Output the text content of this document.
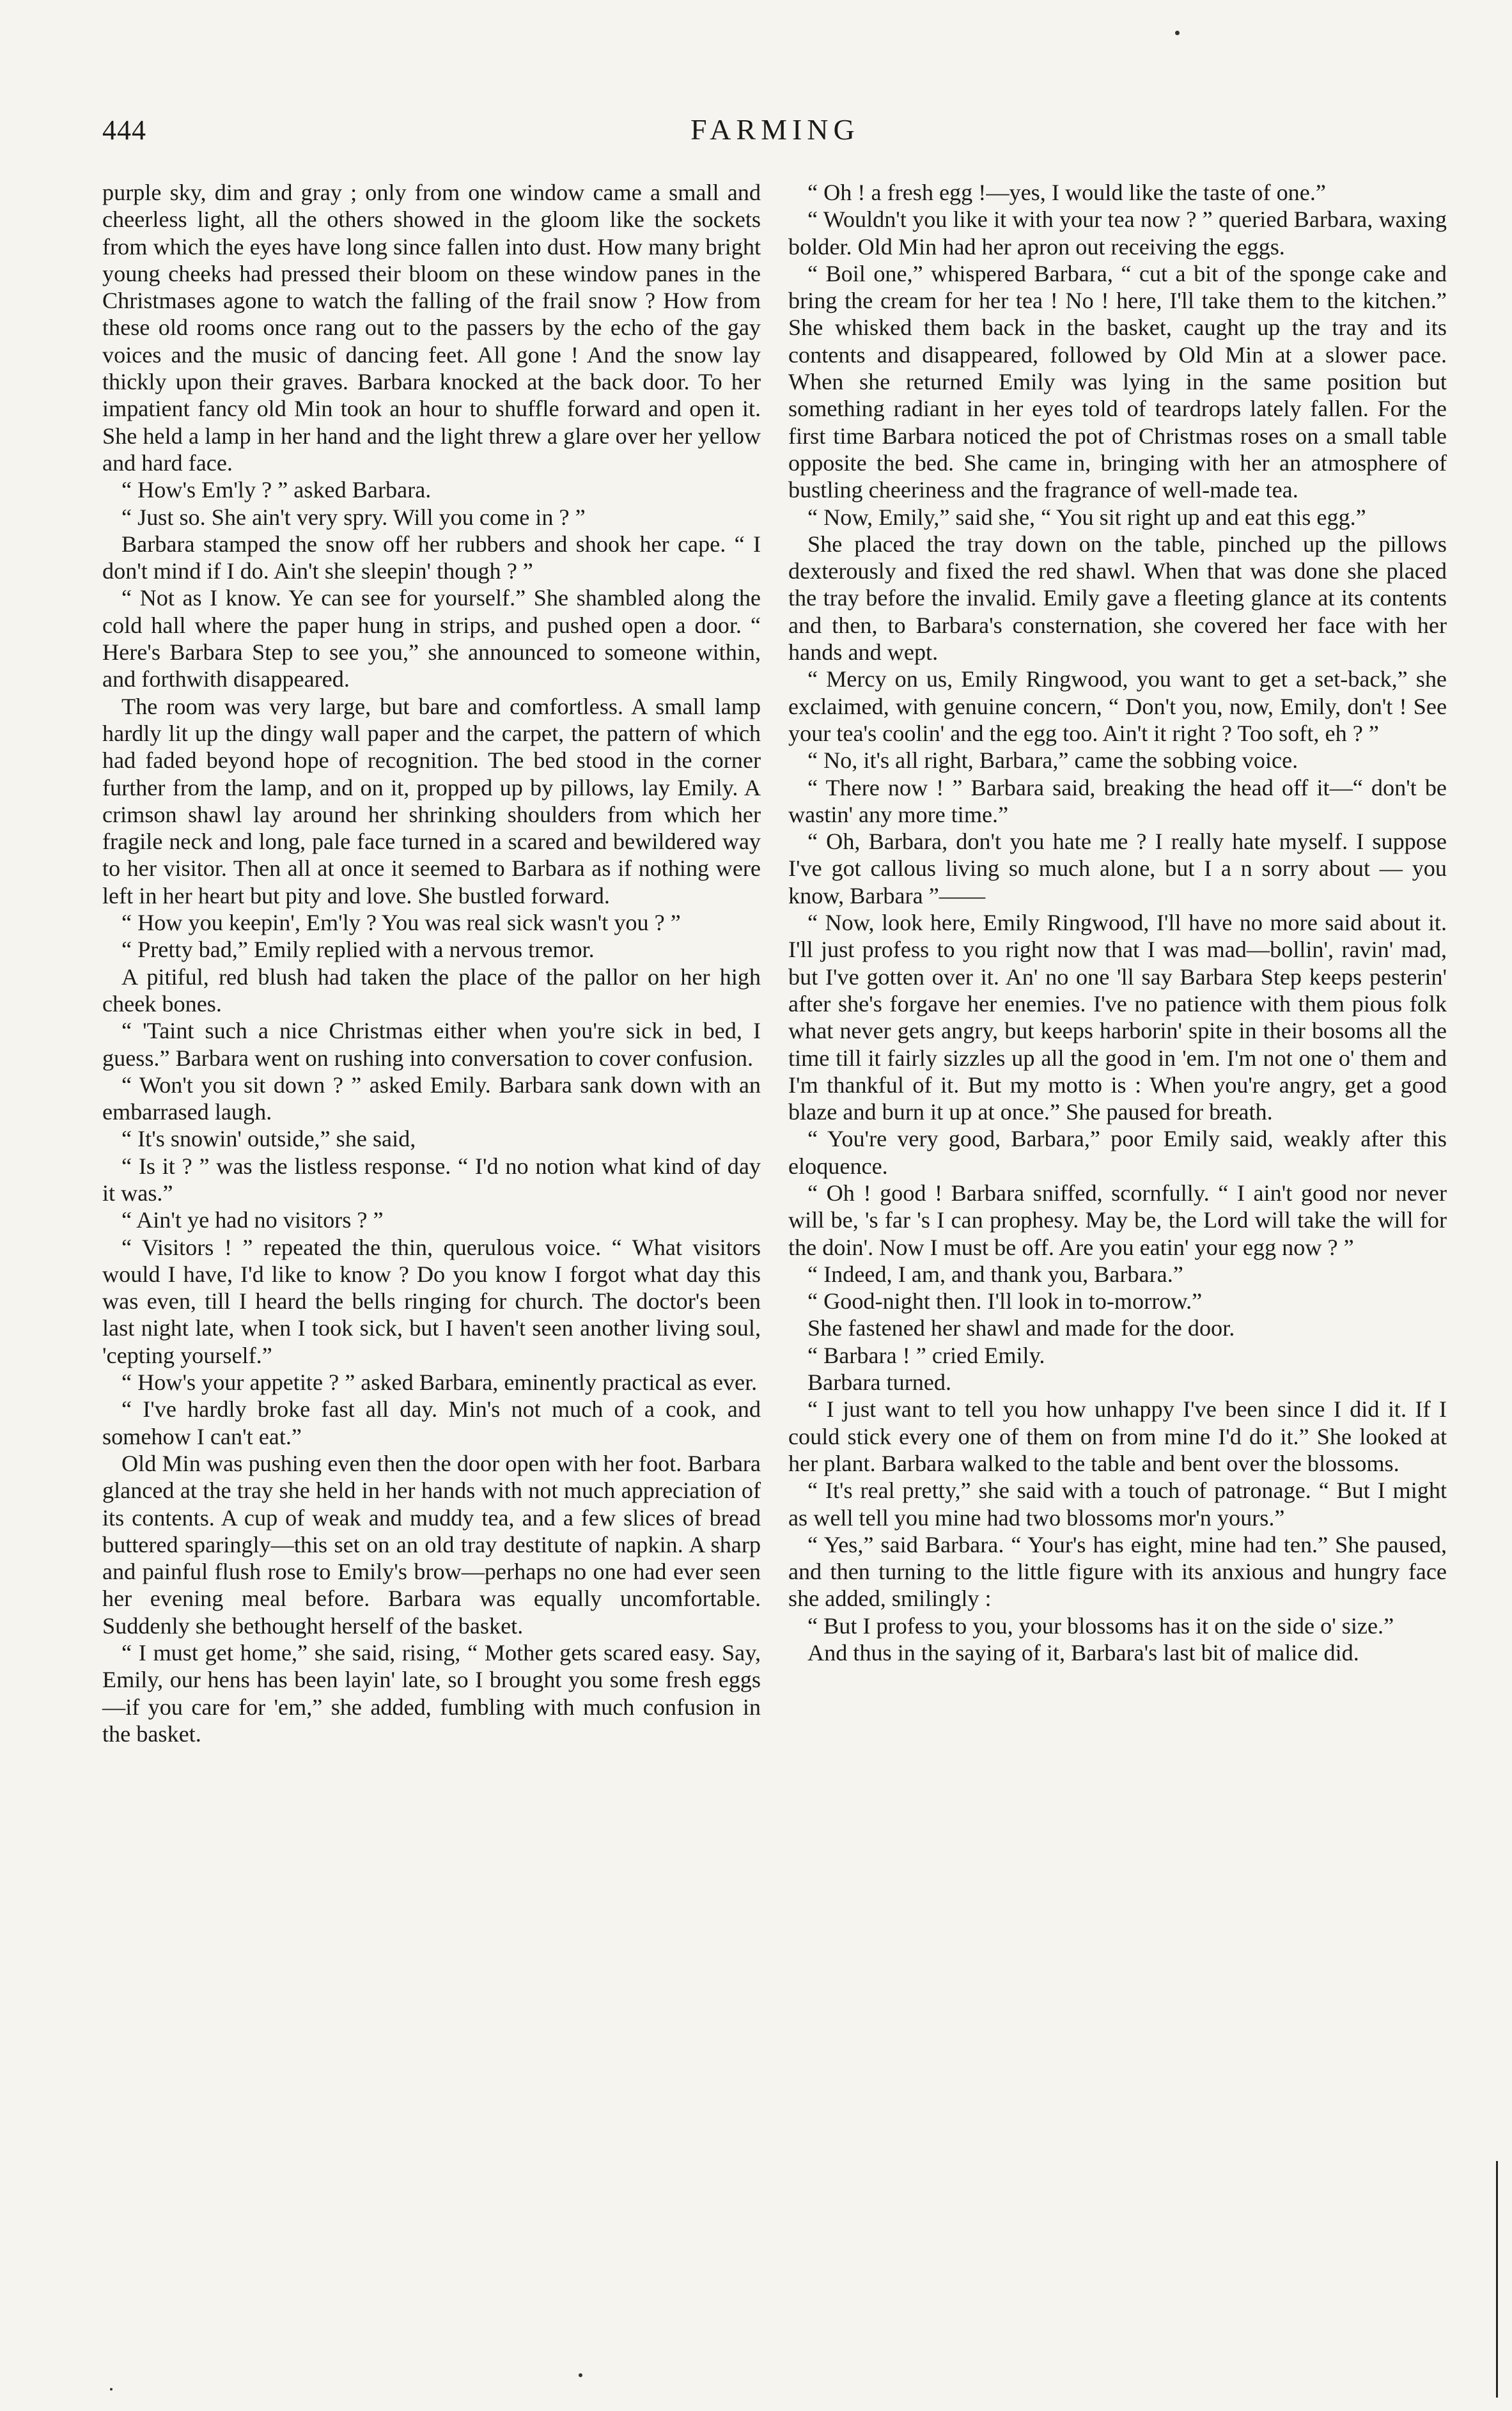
444	FARMING

purple sky, dim and gray ; only from one window came a small and cheerless light, all the others showed in the gloom like the sockets from which the eyes have long since fallen into dust. How many bright young cheeks had pressed their bloom on these window panes in the Christmases agone to watch the falling of the frail snow ? How from these old rooms once rang out to the passers by the echo of the gay voices and the music of dancing feet. All gone ! And the snow lay thickly upon their graves. Barbara knocked at the back door. To her impatient fancy old Min took an hour to shuffle forward and open it. She held a lamp in her hand and the light threw a glare over her yellow and hard face.

“ How's Em'ly ? ” asked Barbara.

“ Just so. She ain't very spry. Will you come in ? ”

Barbara stamped the snow off her rubbers and shook her cape. “ I don't mind if I do. Ain't she sleepin' though ? ”

“ Not as I know. Ye can see for yourself.” She shambled along the cold hall where the paper hung in strips, and pushed open a door. “ Here's Barbara Step to see you,” she announced to someone within, and forthwith disappeared.

The room was very large, but bare and comfortless. A small lamp hardly lit up the dingy wall paper and the carpet, the pattern of which had faded beyond hope of recognition. The bed stood in the corner further from the lamp, and on it, propped up by pillows, lay Emily. A crimson shawl lay around her shrinking shoulders from which her fragile neck and long, pale face turned in a scared and bewildered way to her visitor. Then all at once it seemed to Barbara as if nothing were left in her heart but pity and love. She bustled forward.

“ How you keepin', Em'ly ? You was real sick wasn't you ? ”

“ Pretty bad,” Emily replied with a nervous tremor.

A pitiful, red blush had taken the place of the pallor on her high cheek bones.

“ 'Taint such a nice Christmas either when you're sick in bed, I guess.” Barbara went on rushing into conversation to cover confusion.

“ Won't you sit down ? ” asked Emily. Barbara sank down with an embarrased laugh.

“ It's snowin' outside,” she said,

“ Is it ? ” was the listless response. “ I'd no notion what kind of day it was.”

“ Ain't ye had no visitors ? ”

“ Visitors ! ” repeated the thin, querulous voice. “ What visitors would I have, I'd like to know ? Do you know I forgot what day this was even, till I heard the bells ringing for church. The doctor's been last night late, when I took sick, but I haven't seen another living soul, 'cepting yourself.”

“ How's your appetite ? ” asked Barbara, eminently practical as ever.

“ I've hardly broke fast all day. Min's not much of a cook, and somehow I can't eat.”

Old Min was pushing even then the door open with her foot. Barbara glanced at the tray she held in her hands with not much appreciation of its contents. A cup of weak and muddy tea, and a few slices of bread buttered sparingly—this set on an old tray destitute of napkin. A sharp and painful flush rose to Emily's brow—perhaps no one had ever seen her evening meal before. Barbara was equally uncomfortable. Suddenly she bethought herself of the basket.

“ I must get home,” she said, rising, “ Mother gets scared easy. Say, Emily, our hens has been layin' late, so I brought you some fresh eggs—if you care for 'em,” she added, fumbling with much confusion in the basket.

“ Oh ! a fresh egg !—yes, I would like the taste of one.”

“ Wouldn't you like it with your tea now ? ” queried Barbara, waxing bolder. Old Min had her apron out receiving the eggs.

“ Boil one,” whispered Barbara, “ cut a bit of the sponge cake and bring the cream for her tea ! No ! here, I'll take them to the kitchen.” She whisked them back in the basket, caught up the tray and its contents and disappeared, followed by Old Min at a slower pace. When she returned Emily was lying in the same position but something radiant in her eyes told of teardrops lately fallen. For the first time Barbara noticed the pot of Christmas roses on a small table opposite the bed. She came in, bringing with her an atmosphere of bustling cheeriness and the fragrance of well-made tea.

“ Now, Emily,” said she, “ You sit right up and eat this egg.”

She placed the tray down on the table, pinched up the pillows dexterously and fixed the red shawl. When that was done she placed the tray before the invalid. Emily gave a fleeting glance at its contents and then, to Barbara's consternation, she covered her face with her hands and wept.

“ Mercy on us, Emily Ringwood, you want to get a set-back,” she exclaimed, with genuine concern, “ Don't you, now, Emily, don't ! See your tea's coolin' and the egg too. Ain't it right ? Too soft, eh ? ”

“ No, it's all right, Barbara,” came the sobbing voice.

“ There now ! ” Barbara said, breaking the head off it—“ don't be wastin' any more time.”

“ Oh, Barbara, don't you hate me ? I really hate myself. I suppose I've got callous living so much alone, but I a n sorry about — you know, Barbara ”——

“ Now, look here, Emily Ringwood, I'll have no more said about it. I'll just profess to you right now that I was mad—bollin', ravin' mad, but I've gotten over it. An' no one 'll say Barbara Step keeps pesterin' after she's forgave her enemies. I've no patience with them pious folk what never gets angry, but keeps harborin' spite in their bosoms all the time till it fairly sizzles up all the good in 'em. I'm not one o' them and I'm thankful of it. But my motto is : When you're angry, get a good blaze and burn it up at once.” She paused for breath.

“ You're very good, Barbara,” poor Emily said, weakly after this eloquence.

“ Oh ! good ! Barbara sniffed, scornfully. “ I ain't good nor never will be, 's far 's I can prophesy. May be, the Lord will take the will for the doin'. Now I must be off. Are you eatin' your egg now ? ”

“ Indeed, I am, and thank you, Barbara.”

“ Good-night then. I'll look in to-morrow.”

She fastened her shawl and made for the door.

“ Barbara ! ” cried Emily.

Barbara turned.

“ I just want to tell you how unhappy I've been since I did it. If I could stick every one of them on from mine I'd do it.” She looked at her plant. Barbara walked to the table and bent over the blossoms.

“ It's real pretty,” she said with a touch of patronage. “ But I might as well tell you mine had two blossoms mor'n yours.”

“ Yes,” said Barbara. “ Your's has eight, mine had ten.” She paused, and then turning to the little figure with its anxious and hungry face she added, smilingly :

“ But I profess to you, your blossoms has it on the side o' size.”

And thus in the saying of it, Barbara's last bit of malice did.
